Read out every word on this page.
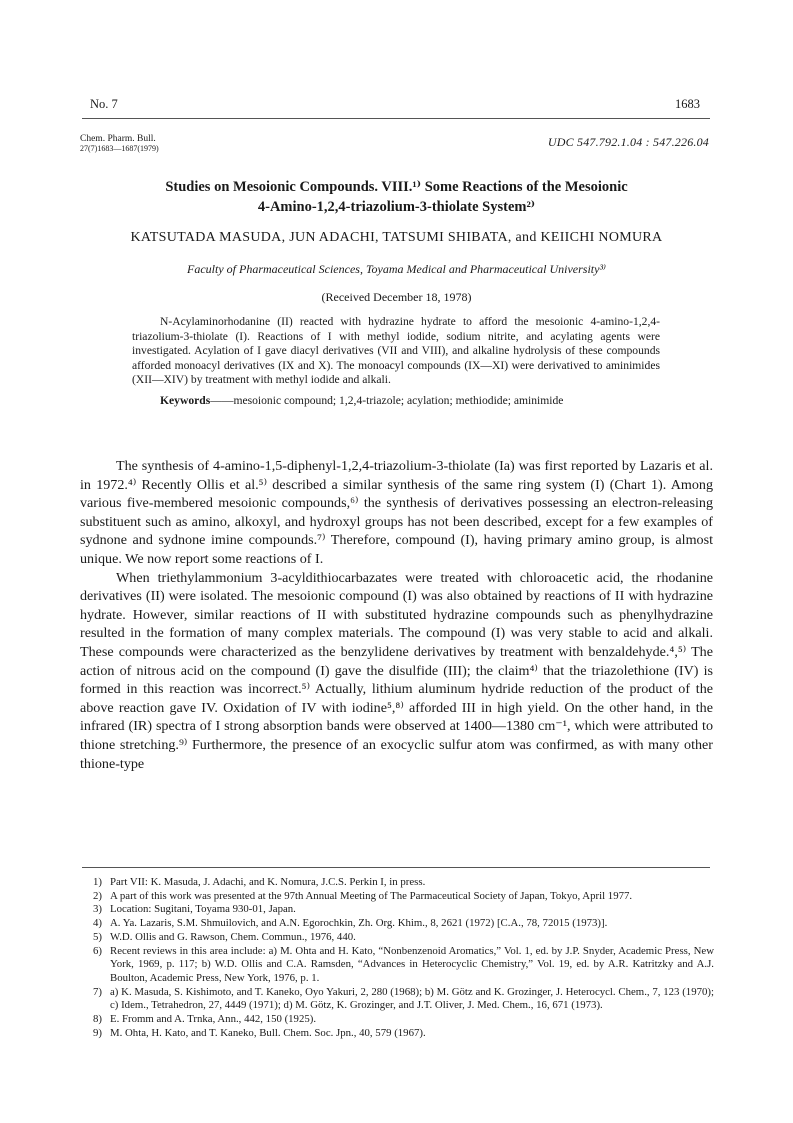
No. 7	1683
Chem. Pharm. Bull.
27(7)1683—1687(1979)	UDC 547.792.1.04 : 547.226.04
Studies on Mesoionic Compounds. VIII.¹⁾ Some Reactions of the Mesoionic
4-Amino-1,2,4-triazolium-3-thiolate System²⁾
KATSUTADA MASUDA, JUN ADACHI, TATSUMI SHIBATA, and KEIICHI NOMURA
Faculty of Pharmaceutical Sciences, Toyama Medical and Pharmaceutical University³⁾
(Received December 18, 1978)

N-Acylaminorhodanine (II) reacted with hydrazine hydrate to afford the mesoionic 4-amino-1,2,4-triazolium-3-thiolate (I). Reactions of I with methyl iodide, sodium nitrite, and acylating agents were investigated. Acylation of I gave diacyl derivatives (VII and VIII), and alkaline hydrolysis of these compounds afforded monoacyl derivatives (IX and X). The monoacyl compounds (IX—XI) were derivatived to aminimides (XII—XIV) by treatment with methyl iodide and alkali.

Keywords——mesoionic compound; 1,2,4-triazole; acylation; methiodide; aminimide

The synthesis of 4-amino-1,5-diphenyl-1,2,4-triazolium-3-thiolate (Ia) was first reported by Lazaris et al. in 1972.⁴⁾ Recently Ollis et al.⁵⁾ described a similar synthesis of the same ring system (I) (Chart 1). Among various five-membered mesoionic compounds,⁶⁾ the synthesis of derivatives possessing an electron-releasing substituent such as amino, alkoxyl, and hydroxyl groups has not been described, except for a few examples of sydnone and sydnone imine compounds.⁷⁾ Therefore, compound (I), having primary amino group, is almost unique. We now report some reactions of I.

When triethylammonium 3-acyldithiocarbazates were treated with chloroacetic acid, the rhodanine derivatives (II) were isolated. The mesoionic compound (I) was also obtained by reactions of II with hydrazine hydrate. However, similar reactions of II with substituted hydrazine compounds such as phenylhydrazine resulted in the formation of many complex materials. The compound (I) was very stable to acid and alkali. These compounds were characterized as the benzylidene derivatives by treatment with benzaldehyde.⁴,⁵⁾ The action of nitrous acid on the compound (I) gave the disulfide (III); the claim⁴⁾ that the triazolethione (IV) is formed in this reaction was incorrect.⁵⁾ Actually, lithium aluminum hydride reduction of the product of the above reaction gave IV. Oxidation of IV with iodine⁵,⁸⁾ afforded III in high yield. On the other hand, in the infrared (IR) spectra of I strong absorption bands were observed at 1400—1380 cm⁻¹, which were attributed to thione stretching.⁹⁾ Furthermore, the presence of an exocyclic sulfur atom was confirmed, as with many other thione-type

1) Part VII: K. Masuda, J. Adachi, and K. Nomura, J.C.S. Perkin I, in press.
2) A part of this work was presented at the 97th Annual Meeting of The Parmaceutical Society of Japan, Tokyo, April 1977.
3) Location: Sugitani, Toyama 930-01, Japan.
4) A. Ya. Lazaris, S.M. Shmuilovich, and A.N. Egorochkin, Zh. Org. Khim., 8, 2621 (1972) [C.A., 78, 72015 (1973)].
5) W.D. Ollis and G. Rawson, Chem. Commun., 1976, 440.
6) Recent reviews in this area include: a) M. Ohta and H. Kato, “Nonbenzenoid Aromatics,” Vol. 1, ed. by J.P. Snyder, Academic Press, New York, 1969, p. 117; b) W.D. Ollis and C.A. Ramsden, “Advances in Heterocyclic Chemistry,” Vol. 19, ed. by A.R. Katritzky and A.J. Boulton, Academic Press, New York, 1976, p. 1.
7) a) K. Masuda, S. Kishimoto, and T. Kaneko, Oyo Yakuri, 2, 280 (1968); b) M. Götz and K. Grozinger, J. Heterocycl. Chem., 7, 123 (1970); c) Idem., Tetrahedron, 27, 4449 (1971); d) M. Götz, K. Grozinger, and J.T. Oliver, J. Med. Chem., 16, 671 (1973).
8) E. Fromm and A. Trnka, Ann., 442, 150 (1925).
9) M. Ohta, H. Kato, and T. Kaneko, Bull. Chem. Soc. Jpn., 40, 579 (1967).
